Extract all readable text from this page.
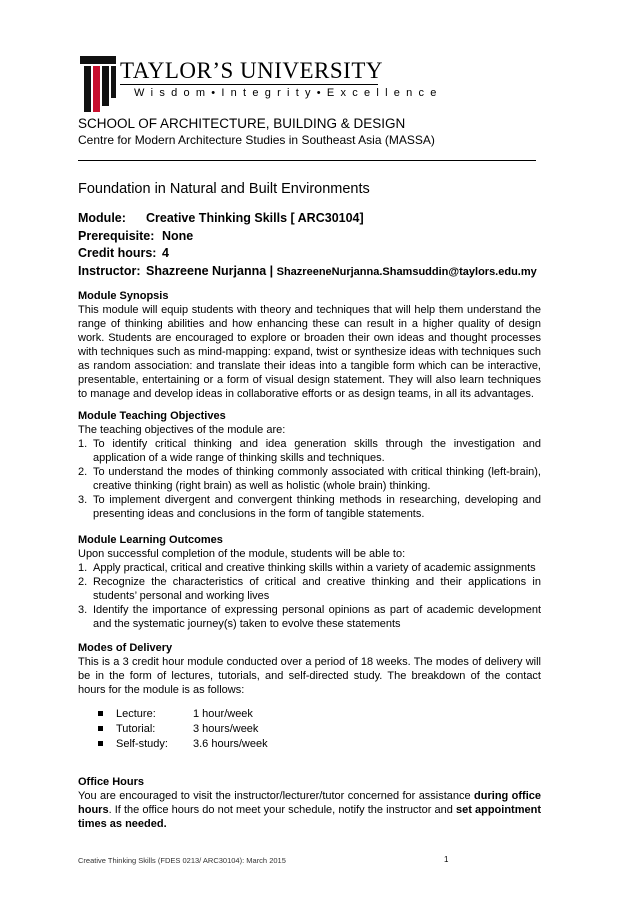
TAYLOR’S UNIVERSITY
W i s d o m • I n t e g r i t y • E x c e l l e n c e
SCHOOL OF ARCHITECTURE, BUILDING & DESIGN
Centre for Modern Architecture Studies in Southeast Asia (MASSA)
Foundation in Natural and Built Environments
Module: Creative Thinking Skills [ ARC30104]
Prerequisite: None
Credit hours: 4
Instructor: Shazreene Nurjanna | ShazreeneNurjanna.Shamsuddin@taylors.edu.my
Module Synopsis

This module will equip students with theory and techniques that will help them understand the range of thinking abilities and how enhancing these can result in a higher quality of design work. Students are encouraged to explore or broaden their own ideas and thought processes with techniques such as mind-mapping: expand, twist or synthesize ideas with techniques such as random association: and translate their ideas into a tangible form which can be interactive, presentable, entertaining or a form of visual design statement. They will also learn techniques to manage and develop ideas in collaborative efforts or as design teams, in all its advantages.

Module Teaching Objectives

The teaching objectives of the module are:

1. To identify critical thinking and idea generation skills through the investigation and application of a wide range of thinking skills and techniques.
2. To understand the modes of thinking commonly associated with critical thinking (left-brain), creative thinking (right brain) as well as holistic (whole brain) thinking.
3. To implement divergent and convergent thinking methods in researching, developing and presenting ideas and conclusions in the form of tangible statements.
Module Learning Outcomes

Upon successful completion of the module, students will be able to:

1. Apply practical, critical and creative thinking skills within a variety of academic assignments
2. Recognize the characteristics of critical and creative thinking and their applications in students’ personal and working lives
3. Identify the importance of expressing personal opinions as part of academic development and the systematic journey(s) taken to evolve these statements
Modes of Delivery

This is a 3 credit hour module conducted over a period of 18 weeks. The modes of delivery will be in the form of lectures, tutorials, and self-directed study. The breakdown of the contact hours for the module is as follows:

Lecture:	1 hour/week
Tutorial:	3 hours/week
Self-study: 3.6 hours/week
Office Hours

You are encouraged to visit the instructor/lecturer/tutor concerned for assistance during office hours. If the office hours do not meet your schedule, notify the instructor and set appointment times as needed.

Creative Thinking Skills (FDES 0213/ ARC30104): March 2015	1
